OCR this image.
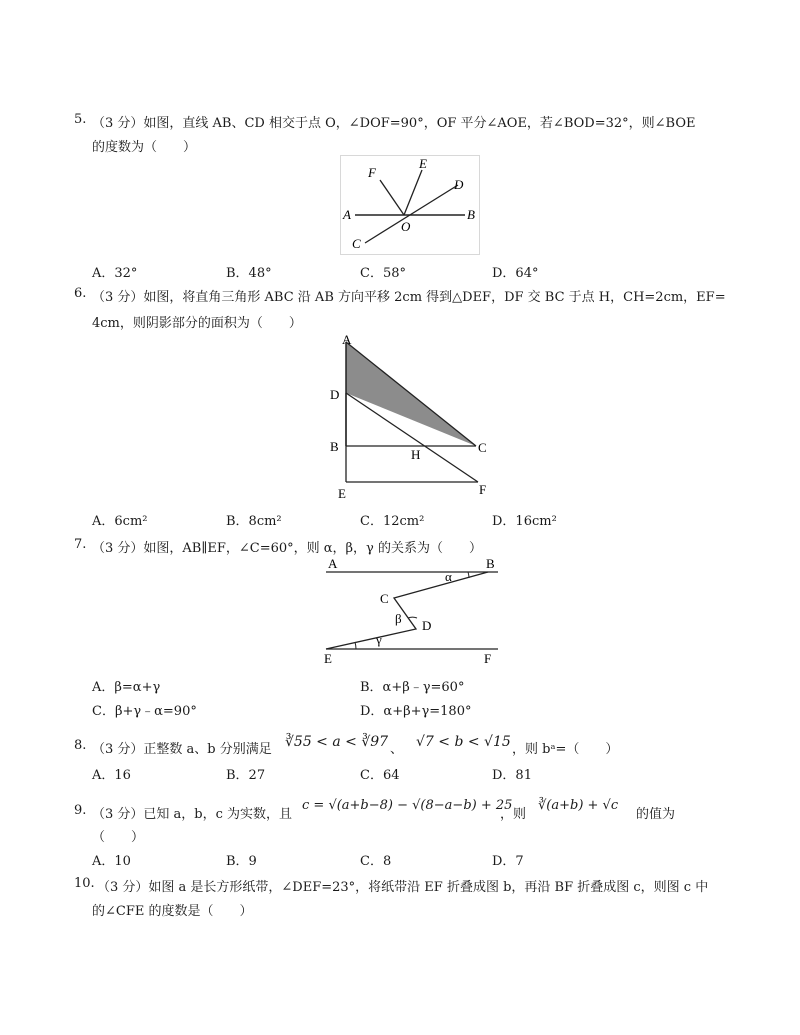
5. （3 分）如图，直线 AB、CD 相交于点 O，∠DOF=90°，OF 平分∠AOE，若∠BOD=32°，则∠BOE
的度数为（　　）
F
E
D
A
O
B
C
A．32°	B．48°	C．58°	D．64°
6. （3 分）如图，将直角三角形 ABC 沿 AB 方向平移 2cm 得到△DEF，DF 交 BC 于点 H，CH=2cm，EF=
4cm，则阴影部分的面积为（　　）
A
D
B	C
H
E	F
A．6cm²	B．8cm²	C．12cm²	D．16cm²
7. （3 分）如图，AB∥EF，∠C=60°，则 α，β，γ 的关系为（　　）
A	B
α
C
β D
γ
E	F
A．β=α+γ	B．α+β﹣γ=60°
C．β+γ﹣α=90°	D．α+β+γ=180°
8. （3 分）正整数 a、b 分别满足 ∛55 < a < ∛97 、 √7 < b < √15 ，则 bᵃ=（　　）
A．16	B．27	C．64	D．81
9. （3 分）已知 a，b，c 为实数，且
c = √(a+b−8) − √(8−a−b) + 25
，则
∛(a+b) + √c
的值为
（　　）
A．10	B．9	C．8	D．7
10. （3 分）如图 a 是长方形纸带，∠DEF=23°，将纸带沿 EF 折叠成图 b，再沿 BF 折叠成图 c，则图 c 中
的∠CFE 的度数是（　　）
